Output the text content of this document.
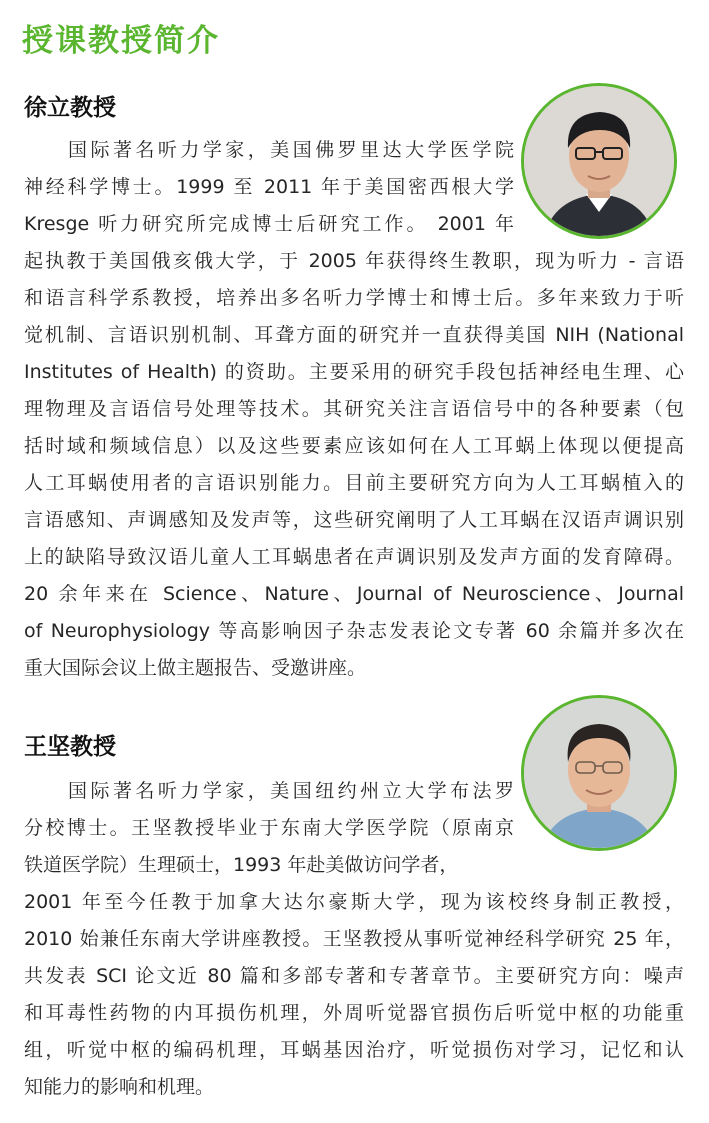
授课教授简介
徐立教授

国际著名听力学家，美国佛罗里达大学医学院

神经科学博士。1999 至 2011 年于美国密西根大学

Kresge 听力研究所完成博士后研究工作。 2001 年

起执教于美国俄亥俄大学，于 2005 年获得终生教职，现为听力 - 言语

和语言科学系教授，培养出多名听力学博士和博士后。多年来致力于听

觉机制、言语识别机制、耳聋方面的研究并一直获得美国 NIH (National

Institutes of Health) 的资助。主要采用的研究手段包括神经电生理、心

理物理及言语信号处理等技术。其研究关注言语信号中的各种要素（包

括时域和频域信息）以及这些要素应该如何在人工耳蜗上体现以便提高

人工耳蜗使用者的言语识别能力。目前主要研究方向为人工耳蜗植入的

言语感知、声调感知及发声等，这些研究阐明了人工耳蜗在汉语声调识别

上的缺陷导致汉语儿童人工耳蜗患者在声调识别及发声方面的发育障碍。

20 余年来在 Science、Nature、Journal of Neuroscience、Journal

of Neurophysiology 等高影响因子杂志发表论文专著 60 余篇并多次在

重大国际会议上做主题报告、受邀讲座。

王坚教授

国际著名听力学家，美国纽约州立大学布法罗

分校博士。王坚教授毕业于东南大学医学院（原南京

铁道医学院）生理硕士，1993 年赴美做访问学者，

2001 年至今任教于加拿大达尔豪斯大学，现为该校终身制正教授，

2010 始兼任东南大学讲座教授。王坚教授从事听觉神经科学研究 25 年，

共发表 SCI 论文近 80 篇和多部专著和专著章节。主要研究方向：噪声

和耳毒性药物的内耳损伤机理，外周听觉器官损伤后听觉中枢的功能重

组，听觉中枢的编码机理，耳蜗基因治疗，听觉损伤对学习，记忆和认

知能力的影响和机理。
